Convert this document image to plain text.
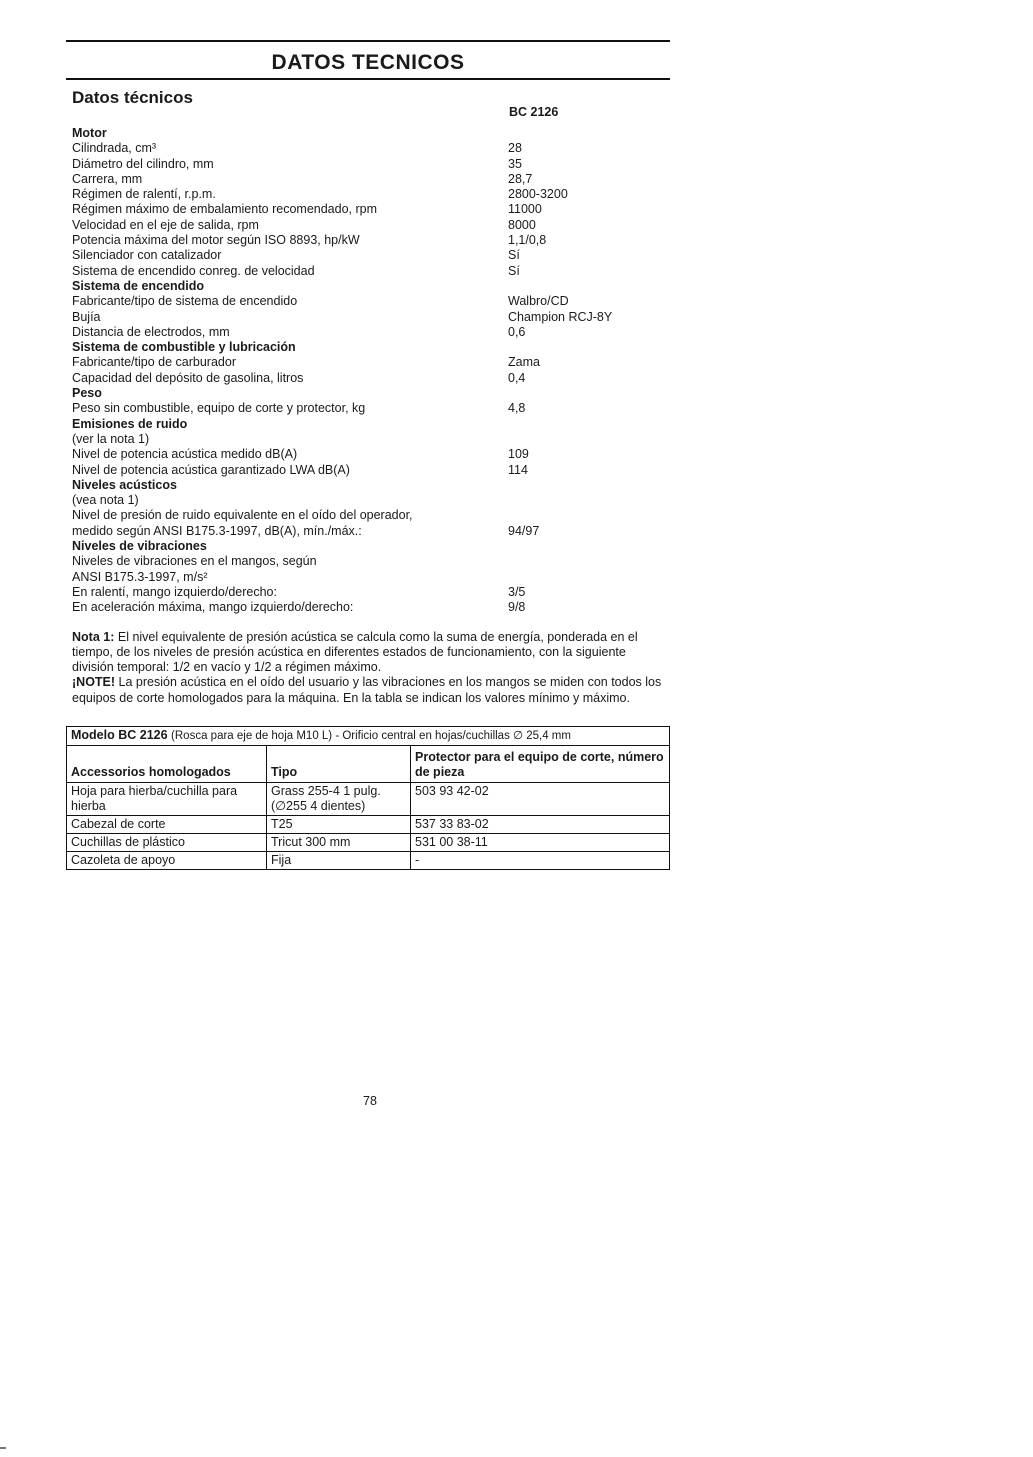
DATOS TECNICOS
Datos técnicos
BC 2126
Motor
Cilindrada, cm³	28
Diámetro del cilindro, mm	35
Carrera, mm	28,7
Régimen de ralentí, r.p.m.	2800-3200
Régimen máximo de embalamiento recomendado, rpm	11000
Velocidad en el eje de salida, rpm	8000
Potencia máxima del motor según ISO 8893, hp/kW	1,1/0,8
Silenciador con catalizador	Sí
Sistema de encendido conreg. de velocidad	Sí
Sistema de encendido
Fabricante/tipo de sistema de encendido	Walbro/CD
Bujía	Champion RCJ-8Y
Distancia de electrodos, mm	0,6
Sistema de combustible y lubricación
Fabricante/tipo de carburador	Zama
Capacidad del depósito de gasolina, litros	0,4
Peso
Peso sin combustible, equipo de corte y protector, kg	4,8
Emisiones de ruido
(ver la nota 1)
Nivel de potencia acústica medido dB(A)	109
Nivel de potencia acústica garantizado LWA dB(A)	114
Niveles acústicos
(vea nota 1)
Nivel de presión de ruido equivalente en el oído del operador,
medido según ANSI B175.3-1997, dB(A), mín./máx.:	94/97
Niveles de vibraciones
Niveles de vibraciones en el mangos, según
ANSI B175.3-1997, m/s²
En ralentí, mango izquierdo/derecho:	3/5
En aceleración máxima, mango izquierdo/derecho:	9/8
Nota 1: El nivel equivalente de presión acústica se calcula como la suma de energía, ponderada en el tiempo, de los niveles de presión acústica en diferentes estados de funcionamiento, con la siguiente división temporal: 1/2 en vacío y 1/2 a régimen máximo.
¡NOTE! La presión acústica en el oído del usuario y las vibraciones en los mangos se miden con todos los equipos de corte homologados para la máquina. En la tabla se indican los valores mínimo y máximo.
Modelo BC 2126 (Rosca para eje de hoja M10 L) - Orificio central en hojas/cuchillas ∅ 25,4 mm		
Accessorios homologados	Tipo	Protector para el equipo de corte, número de pieza
Hoja para hierba/cuchilla para hierba	Grass 255-4 1 pulg. (∅255 4 dientes)	503 93 42-02
Cabezal de corte	T25	537 33 83-02
Cuchillas de plástico	Tricut 300 mm	531 00 38-11
Cazoleta de apoyo	Fija	-
78
